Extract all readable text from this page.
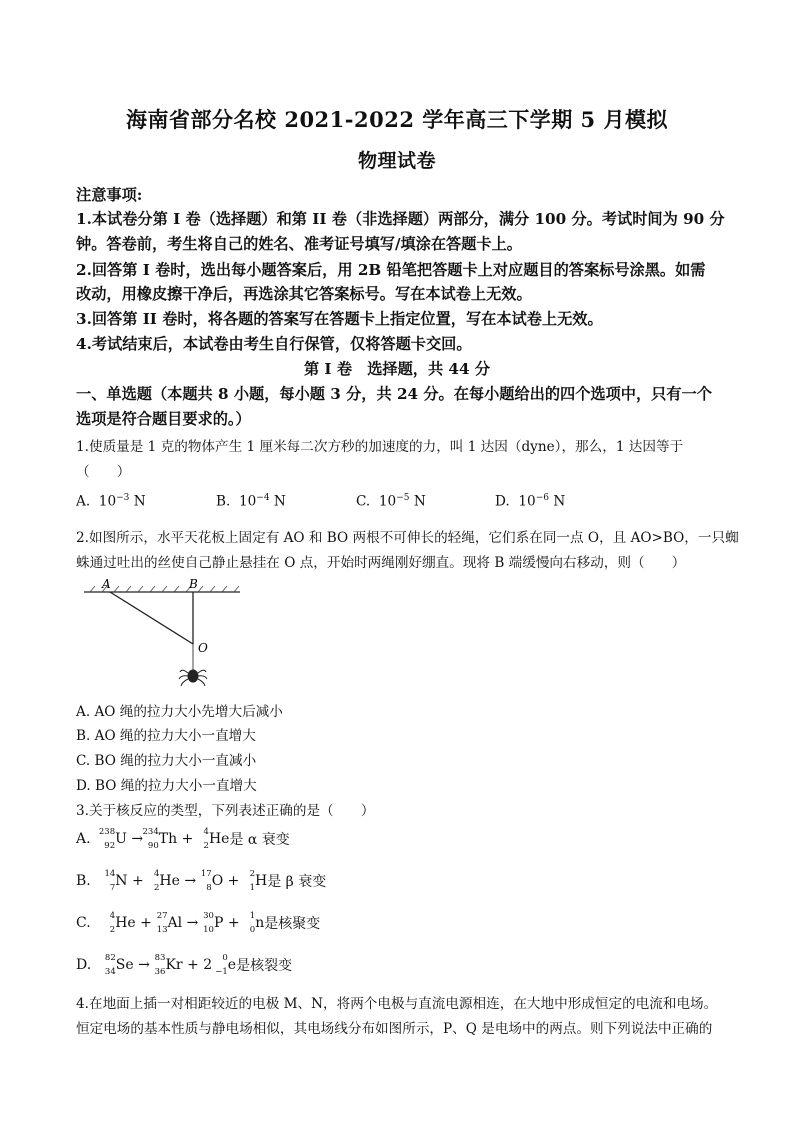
海南省部分名校 2021-2022 学年高三下学期 5 月模拟
物理试卷
注意事项:
1.本试卷分第 I 卷（选择题）和第 II 卷（非选择题）两部分，满分 100 分。考试时间为 90 分
钟。答卷前，考生将自己的姓名、准考证号填写/填涂在答题卡上。
2.回答第 I 卷时，选出每小题答案后，用 2B 铅笔把答题卡上对应题目的答案标号涂黑。如需
改动，用橡皮擦干净后，再选涂其它答案标号。写在本试卷上无效。
3.回答第 II 卷时，将各题的答案写在答题卡上指定位置，写在本试卷上无效。
4.考试结束后，本试卷由考生自行保管，仅将答题卡交回。
第 I 卷　选择题，共 44 分
一、单选题（本题共 8 小题，每小题 3 分，共 24 分。在每小题给出的四个选项中，只有一个
选项是符合题目要求的。）
1.使质量是 1 克的物体产生 1 厘米每二次方秒的加速度的力，叫 1 达因（dyne），那么，1 达因等于
（　　）
A. $10^{-3}$ N	B. $10^{-4}$ N	C. $10^{-5}$ N	D. $10^{-6}$ N
2.如图所示，水平天花板上固定有 AO 和 BO 两根不可伸长的轻绳，它们系在同一点 O，且 AO>BO，一只蜘
蛛通过吐出的丝使自己静止悬挂在 O 点，开始时两绳刚好绷直。现将 B 端缓慢向右移动，则（　　）
A	B
O
A. AO 绳的拉力大小先增大后减小
B. AO 绳的拉力大小一直增大
C. BO 绳的拉力大小一直减小
D. BO 绳的拉力大小一直增大
3.关于核反应的类型，下列表述正确的是（　　）
A. 238
92 U → 234
90 Th + 4
2 He是 α 衰变
B. 14
7 N + 4
2 He → 17
8 O + 2
1 H是 β 衰变
C. 4
2 He + 27
13 Al → 30
10 P + 1
0 n是核聚变
D. 82
34 Se → 83
36 Kr + 2 0
−1 e是核裂变
4.在地面上插一对相距较近的电极 M、N，将两个电极与直流电源相连，在大地中形成恒定的电流和电场。
恒定电场的基本性质与静电场相似，其电场线分布如图所示，P、Q 是电场中的两点。则下列说法中正确的
